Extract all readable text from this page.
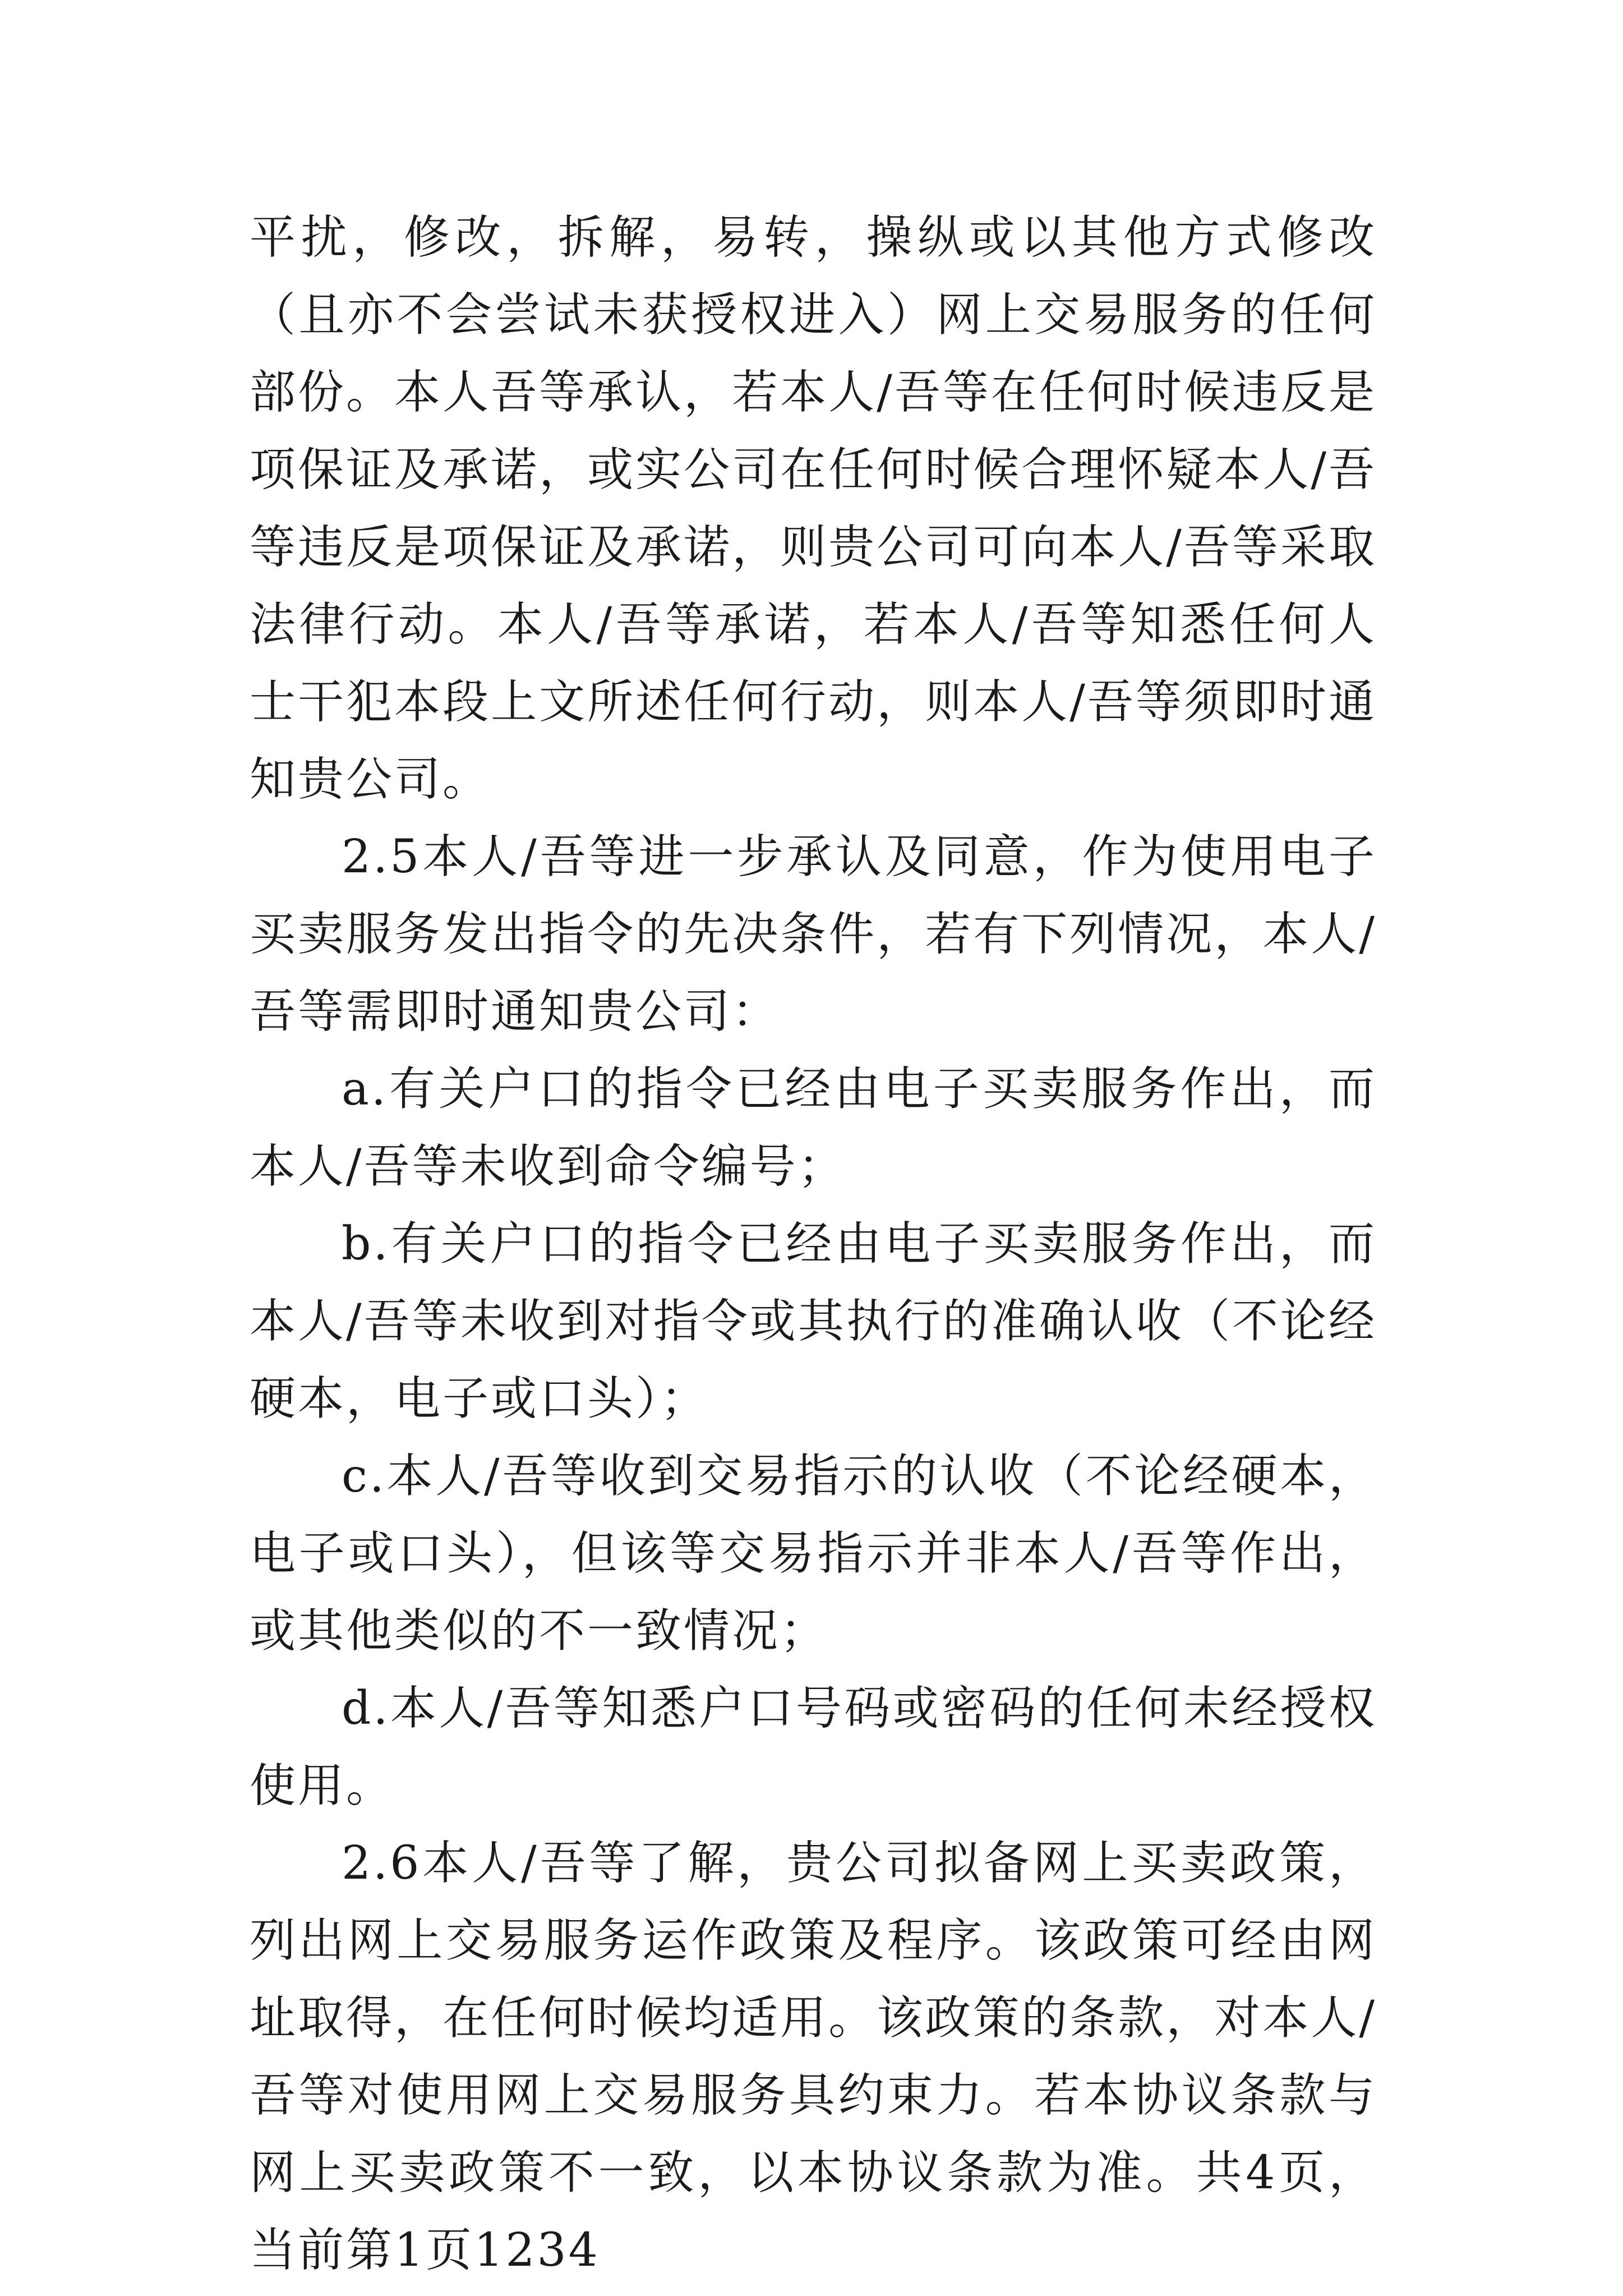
平扰，修改，拆解，易转，操纵或以其他方式修改（且亦不会尝试未获授权进入）网上交易服务的任何部份。本人吾等承认，若本人/吾等在任何时候违反是项保证及承诺，或实公司在任何时候合理怀疑本人/吾等违反是项保证及承诺，则贵公司可向本人/吾等采取法律行动。本人/吾等承诺，若本人/吾等知悉任何人士干犯本段上文所述任何行动，则本人/吾等须即时通知贵公司。

2.5本人/吾等进一步承认及同意，作为使用电子买卖服务发出指令的先决条件，若有下列情况，本人/吾等需即时通知贵公司：

a.有关户口的指令已经由电子买卖服务作出，而本人/吾等未收到命令编号；

b.有关户口的指令已经由电子买卖服务作出，而本人/吾等未收到对指令或其执行的准确认收（不论经硬本，电子或口头）；

c.本人/吾等收到交易指示的认收（不论经硬本，电子或口头），但该等交易指示并非本人/吾等作出，或其他类似的不一致情况；

d.本人/吾等知悉户口号码或密码的任何未经授权使用。

2.6本人/吾等了解，贵公司拟备网上买卖政策，列出网上交易服务运作政策及程序。该政策可经由网址取得，在任何时候均适用。该政策的条款，对本人/吾等对使用网上交易服务具约束力。若本协议条款与网上买卖政策不一致，以本协议条款为准。共4页，当前第1页1234
